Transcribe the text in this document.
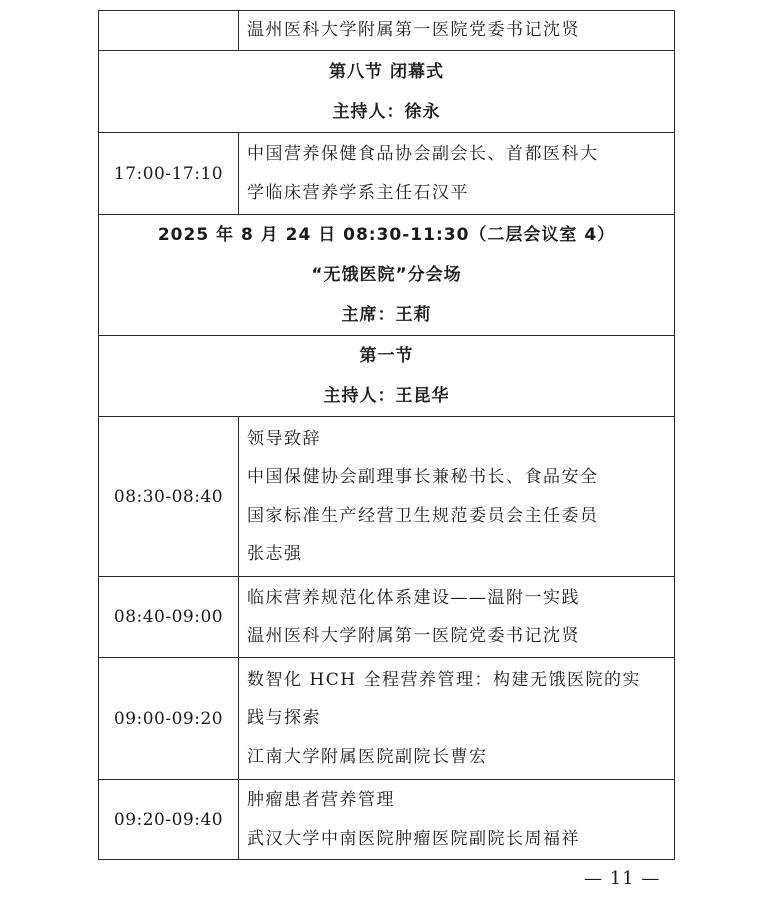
	温州医科大学附属第一医院党委书记沈贤

第八节 闭幕式
主持人：徐永	

17:00-17:10	中国营养保健食品协会副会长、首都医科大
学临床营养学系主任石汉平

2025 年 8 月 24 日 08:30-11:30（二层会议室 4）
“无饿医院”分会场
主席：王莉	

第一节
主持人：王昆华	

08:30-08:40	领导致辞
中国保健协会副理事长兼秘书长、食品安全
国家标准生产经营卫生规范委员会主任委员
张志强

08:40-09:00	临床营养规范化体系建设——温附一实践
温州医科大学附属第一医院党委书记沈贤

09:00-09:20	数智化 HCH 全程营养管理：构建无饿医院的实
践与探索
江南大学附属医院副院长曹宏

09:20-09:40	肿瘤患者营养管理
武汉大学中南医院肿瘤医院副院长周福祥
— 11 —
